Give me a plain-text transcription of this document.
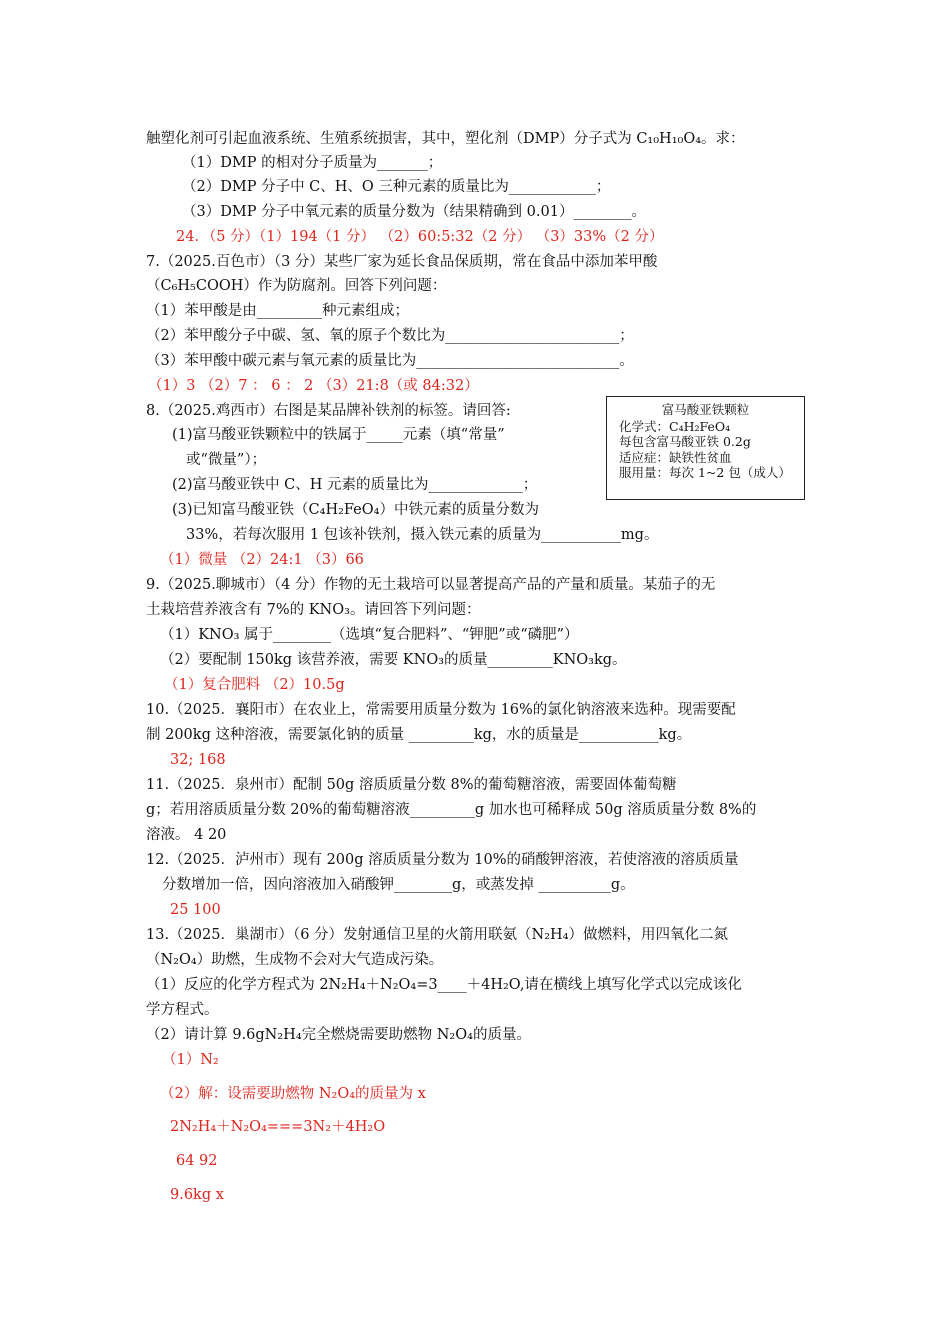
触塑化剂可引起血液系统、生殖系统损害，其中，塑化剂（DMP）分子式为 C₁₀H₁₀O₄。求：
（1）DMP 的相对分子质量为_______；
（2）DMP 分子中 C、H、O 三种元素的质量比为____________；
（3）DMP 分子中氧元素的质量分数为（结果精确到 0.01）________。
24．（5 分）（1）194（1 分） （2）60:5:32（2 分） （3）33%（2 分）
7.（2025.百色市）（3 分）某些厂家为延长食品保质期，常在食品中添加苯甲酸
（C₆H₅COOH）作为防腐剂。回答下列问题：
（1）苯甲酸是由_________种元素组成；
（2）苯甲酸分子中碳、氢、氧的原子个数比为________________________；
（3）苯甲酸中碳元素与氧元素的质量比为____________________________。
（1）3 （2）7 ： 6 ： 2 （3）21:8（或 84:32）
8.（2025.鸡西市）右图是某品牌补铁剂的标签。请回答:
(1)富马酸亚铁颗粒中的铁属于_____元素（填“常量”
或“微量”）；
(2)富马酸亚铁中 C、H 元素的质量比为_____________；
(3)已知富马酸亚铁（C₄H₂FeO₄）中铁元素的质量分数为
33%，若每次服用 1 包该补铁剂，摄入铁元素的质量为___________mg。
（1）微量 （2）24:1 （3）66
富马酸亚铁颗粒
化学式：C₄H₂FeO₄
每包含富马酸亚铁 0.2g
适应症：缺铁性贫血
服用量：每次 1~2 包（成人）
9.（2025.聊城市）（4 分）作物的无土栽培可以显著提高产品的产量和质量。某茄子的无
土栽培营养液含有 7%的 KNO₃。请回答下列问题：
（1）KNO₃ 属于________（选填“复合肥料”、“钾肥”或“磷肥”）
（2）要配制 150kg 该营养液，需要 KNO₃的质量_________KNO₃kg。
（1）复合肥料 （2）10.5g
10.（2025．襄阳市）在农业上，常需要用质量分数为 16%的氯化钠溶液来选种。现需要配
制 200kg 这种溶液，需要氯化钠的质量 _________kg，水的质量是___________kg。
32; 168
11.（2025．泉州市）配制 50g 溶质质量分数 8%的葡萄糖溶液，需要固体葡萄糖
g；若用溶质质量分数 20%的葡萄糖溶液_________g 加水也可稀释成 50g 溶质质量分数 8%的
溶液。 4 20
12.（2025．泸州市）现有 200g 溶质质量分数为 10%的硝酸钾溶液，若使溶液的溶质质量
分数增加一倍，因向溶液加入硝酸钾________g，或蒸发掉 __________g。
25 100
13.（2025．巢湖市）（6 分）发射通信卫星的火箭用联氨（N₂H₄）做燃料，用四氧化二氮
（N₂O₄）助燃，生成物不会对大气造成污染。
（1）反应的化学方程式为 2N₂H₄＋N₂O₄=3____＋4H₂O,请在横线上填写化学式以完成该化
学方程式。
（2）请计算 9.6gN₂H₄完全燃烧需要助燃物 N₂O₄的质量。
（1）N₂
（2）解：设需要助燃物 N₂O₄的质量为 x
2N₂H₄＋N₂O₄===3N₂＋4H₂O
64 92
9.6kg x
